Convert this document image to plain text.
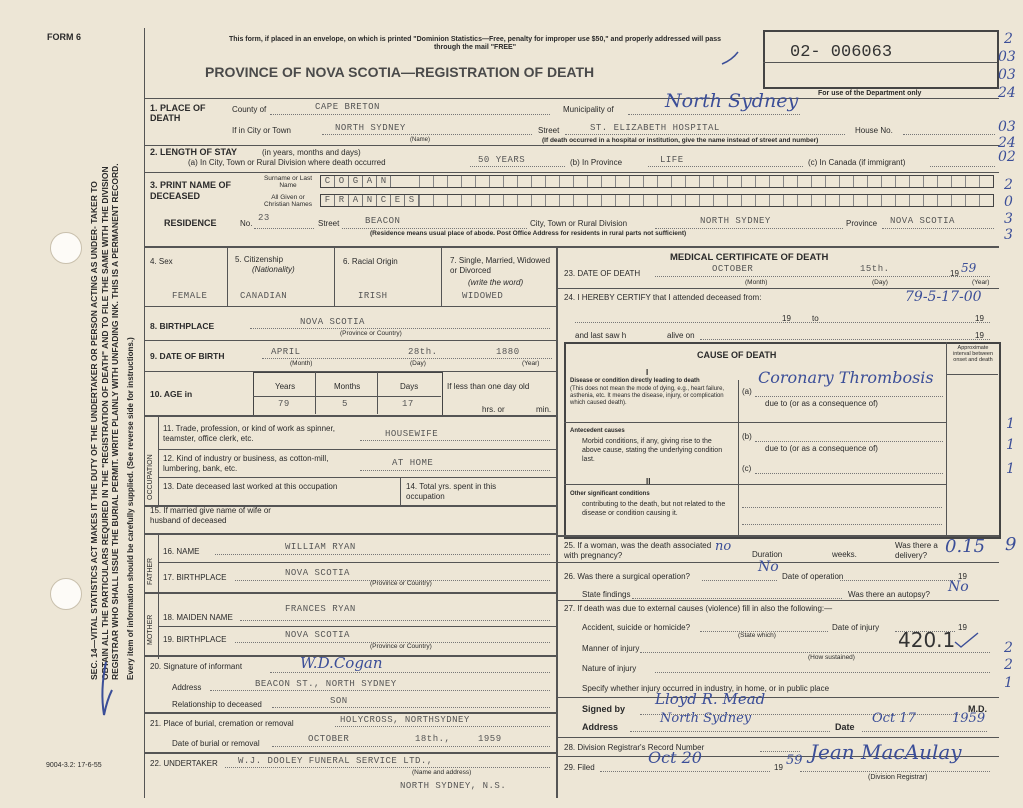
FORM 6
SEC. 14—VITAL STATISTICS ACT MAKES IT THE DUTY OF THE UNDERTAKER OR PERSON ACTING AS UNDER- TAKER TO OBTAIN ALL THE PARTICULARS REQUIRED IN THE "REGISTRATION OF DEATH" AND TO FILE THE SAME WITH THE DIVISION REGISTRAR WHO SHALL ISSUE THE BURIAL PERMIT. WRITE PLAINLY WITH UNFADING INK. THIS IS A PERMANENT RECORD. Every item of information should be carefully supplied. (See reverse side for instructions.)
9004-3.2: 17-6-55
This form, if placed in an envelope, on which is printed "Dominion Statistics—Free, penalty for improper use $50," and properly addressed will pass through the mail "FREE"
PROVINCE OF NOVA SCOTIA—REGISTRATION OF DEATH
02- 006063
For use of the Department only
2
03
03
24
03
24
02
2
0
3
3
1. PLACE OF DEATH
County of	CAPE BRETON	Municipality of	North Sydney
If in City or Town	NORTH SYDNEY
(Name)
Street	ST. ELIZABETH HOSPITAL	House No.
(If death occurred in a hospital or institution, give the name instead of street and number)
2. LENGTH OF STAY	(in years, months and days)
(a) In City, Town or Rural Division where death occurred	50 YEARS	(b) In Province	LIFE	(c) In Canada (if immigrant)
3. PRINT NAME OF DECEASED
Surname or Last Name	C O G A N
All Given or Christian Names	F R A N C E S
RESIDENCE	No.
23
Street	BEACON	City, Town or Rural Division	NORTH SYDNEY	Province NOVA SCOTIA
(Residence means usual place of abode. Post Office Address for residents in rural parts not sufficient)
4. Sex
FEMALE
5. Citizenship
(Nationality)
CANADIAN
6. Racial Origin
IRISH
7. Single, Married, Widowed or Divorced
(write the word)
WIDOWED
8. BIRTHPLACE	NOVA SCOTIA
(Province or Country)
9. DATE OF BIRTH	APRIL	28th.	1880
(Month)	(Day)	(Year)
10. AGE in
Years	Months	Days
79	5	17
If less than one day old
hrs. or	min.
OCCUPATION
11. Trade, profession, or kind of work as spinner, teamster, office clerk, etc.	HOUSEWIFE
12. Kind of industry or business, as cotton-mill, lumbering, bank, etc.
AT HOME
13. Date deceased last worked at this occupation	14. Total yrs. spent in this occupation
15. If married give name of wife or husband of deceased
FATHER
16. NAME	WILLIAM RYAN
17. BIRTHPLACE	NOVA SCOTIA
(Province or Country)
MOTHER 18. MAIDEN NAME
FRANCES RYAN
19. BIRTHPLACE	NOVA SCOTIA
(Province or Country)
20. Signature of informant	W.D.Cogan
Address	BEACON ST., NORTH SYDNEY
Relationship to deceased	SON
21. Place of burial, cremation or removal	HOLYCROSS, NORTHSYDNEY
Date of burial or removal	OCTOBER	18th.,	1959
22. UNDERTAKER W.J. DOOLEY FUNERAL SERVICE LTD.,
(Name and address)
NORTH SYDNEY, N.S.
MEDICAL CERTIFICATE OF DEATH
23. DATE OF DEATH	OCTOBER	15th.	19 59
(Month)	(Day)	(Year)
24. I HEREBY CERTIFY that I attended deceased from:	79-5-17-00
19	to	19
and last saw h	alive on	19
CAUSE OF DEATH
Approximate interval between onset and death
I
Disease or condition directly leading to death
(This does not mean the mode of dying, e.g., heart failure, asthenia, etc. It means the disease, injury, or complication which caused death).
(a)
Coronary Thrombosis
due to (or as a consequence of)
Antecedent causes
Morbid conditions, if any, giving rise to the above cause, stating the underlying condition last.
(b)
due to (or as a consequence of)
(c)
II
Other significant conditions
contributing to the death, but not related to the disease or condition causing it.
25. If a woman, was the death associated with pregnancy?
no
Duration	weeks.
Was there a delivery? 0.15
26. Was there a surgical operation?
No
Date of operation	19
State findings	Was there an autopsy? No
27. If death was due to external causes (violence) fill in also the following:—
Accident, suicide or homicide?	Date of injury	19
(State which)
Manner of injury	420.1
(How sustained)
Nature of injury
Specify whether injury occurred in industry, in home, or in public place
Signed by
Lloyd R. Mead
M.D.
Address
North Sydney
Date
Oct 17	1959
28. Division Registrar's Record Number
29. Filed
Oct 20
19 59 Jean MacAulay
(Division Registrar)
1
1
1
9
2
2
1
